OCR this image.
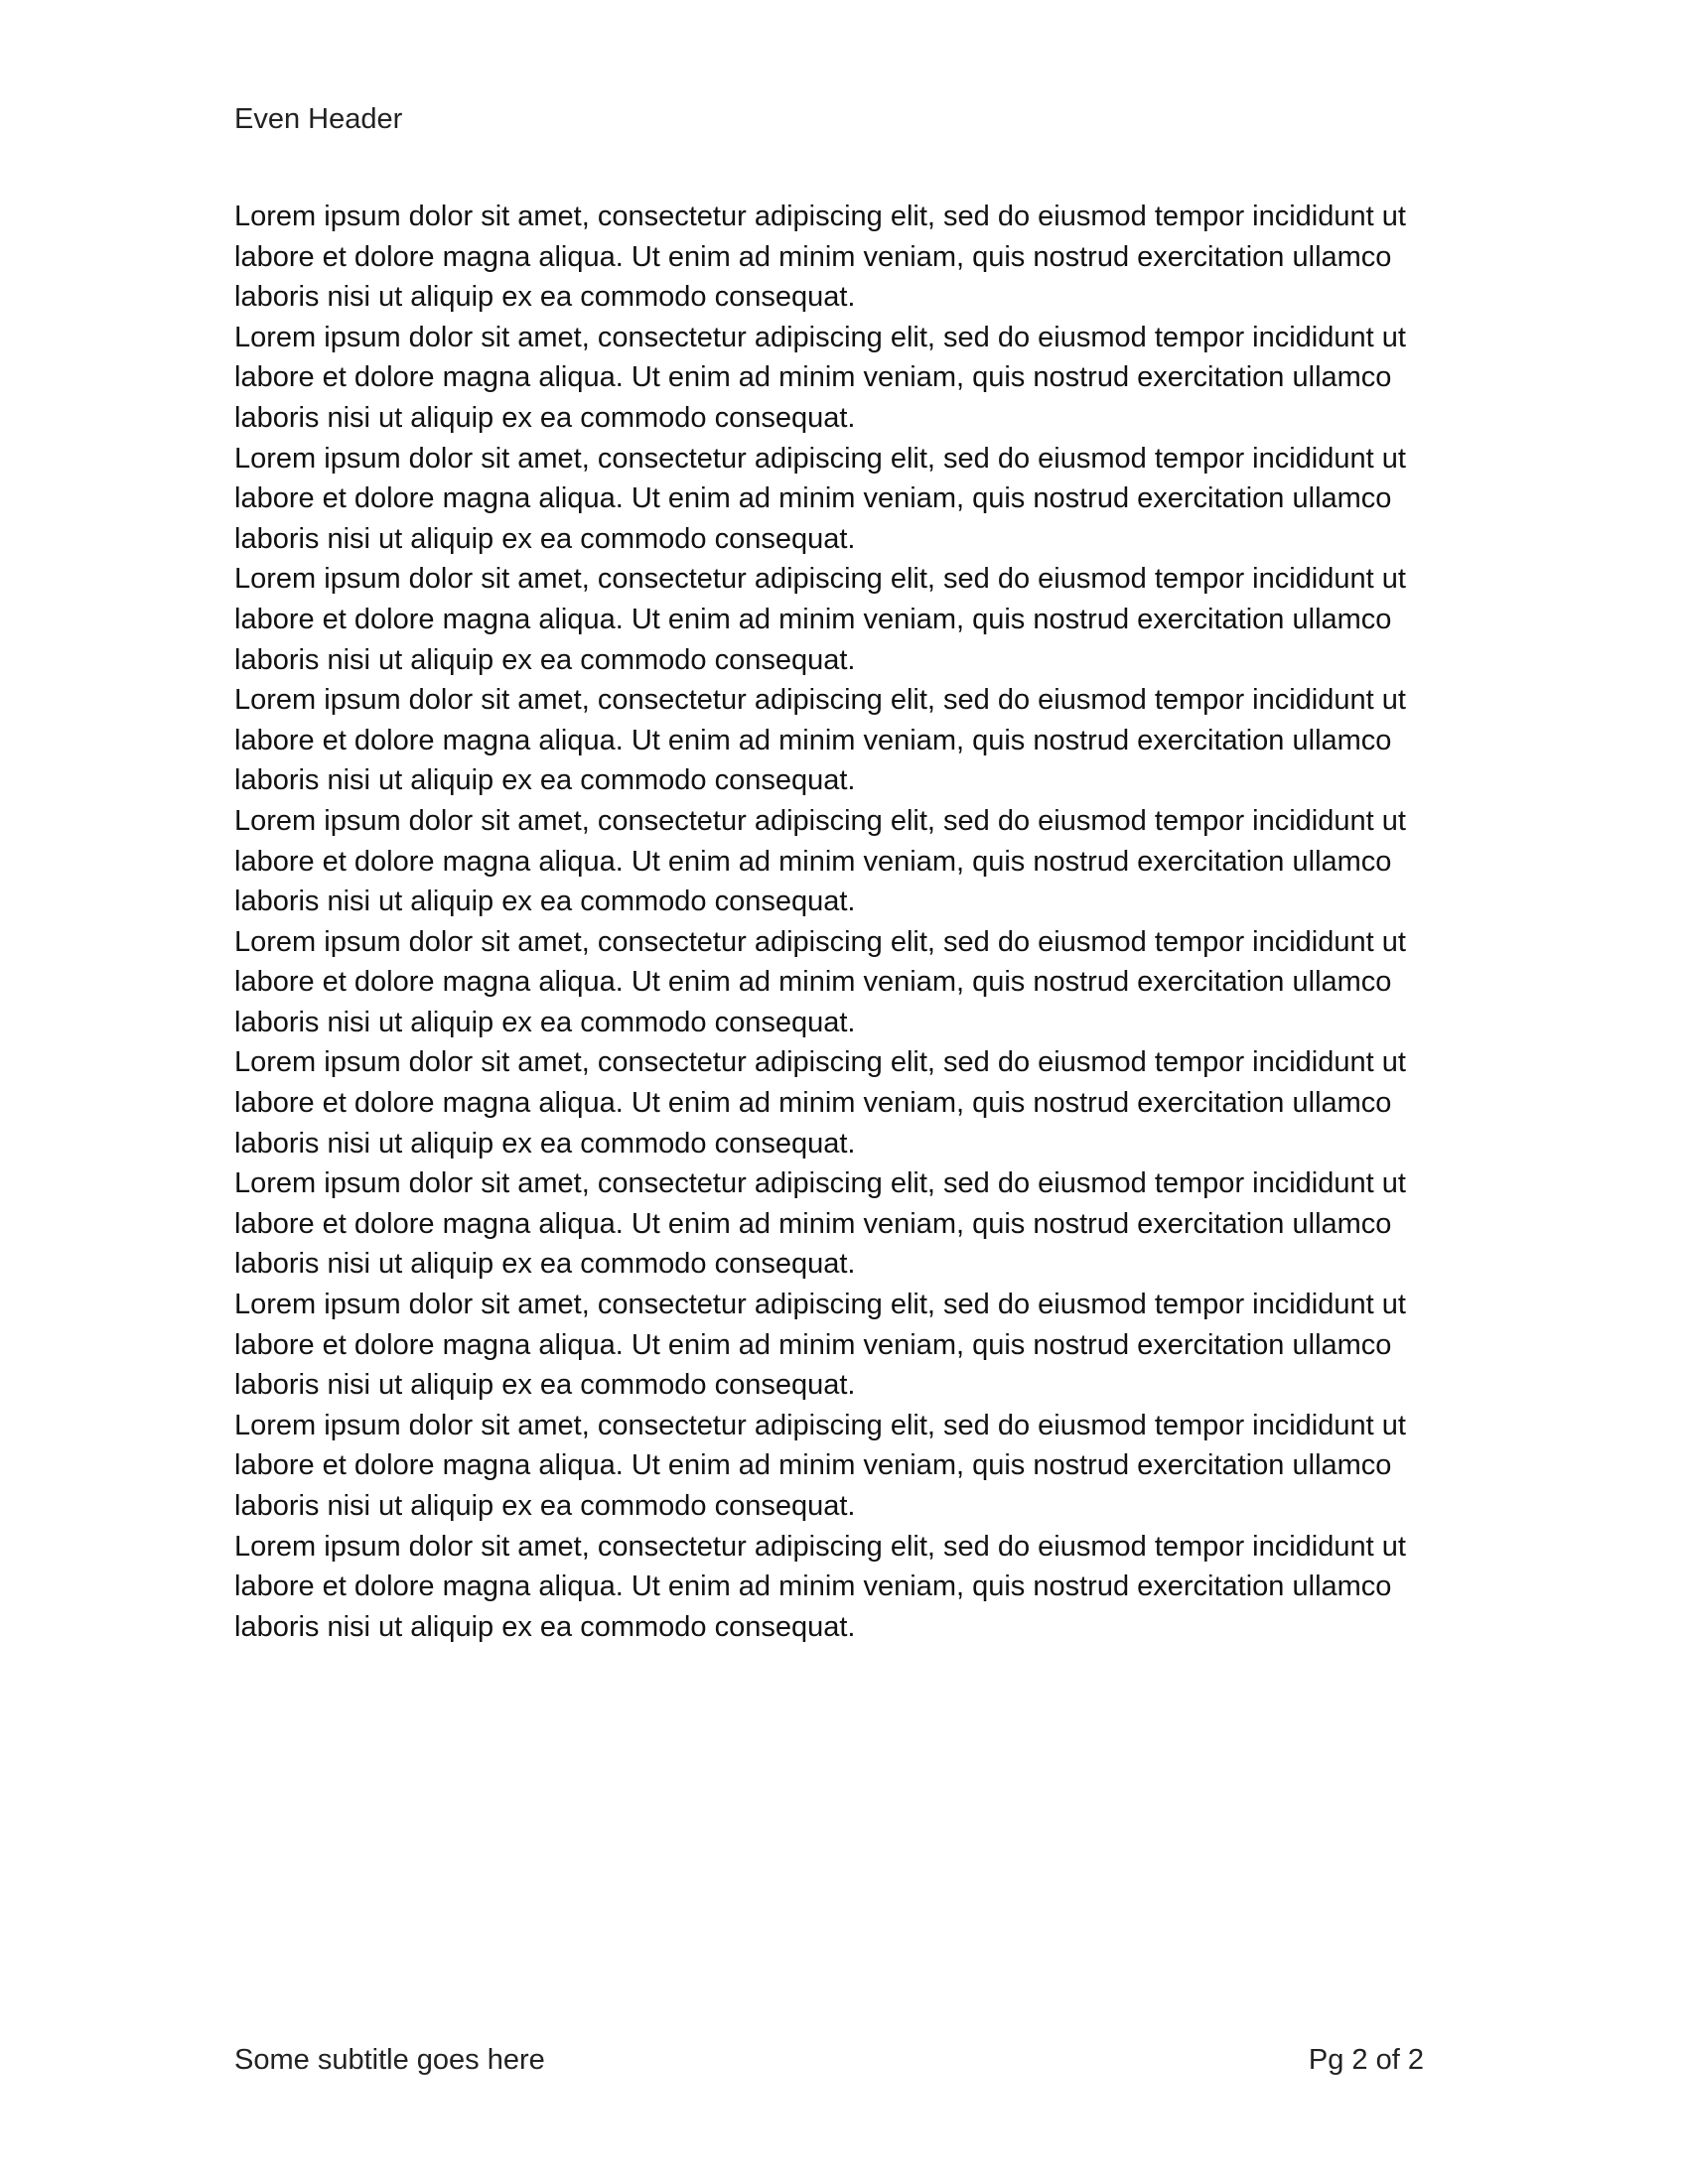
Even Header

Lorem ipsum dolor sit amet, consectetur adipiscing elit, sed do eiusmod tempor incididunt ut labore et dolore magna aliqua. Ut enim ad minim veniam, quis nostrud exercitation ullamco laboris nisi ut aliquip ex ea commodo consequat.

Lorem ipsum dolor sit amet, consectetur adipiscing elit, sed do eiusmod tempor incididunt ut labore et dolore magna aliqua. Ut enim ad minim veniam, quis nostrud exercitation ullamco laboris nisi ut aliquip ex ea commodo consequat.

Lorem ipsum dolor sit amet, consectetur adipiscing elit, sed do eiusmod tempor incididunt ut labore et dolore magna aliqua. Ut enim ad minim veniam, quis nostrud exercitation ullamco laboris nisi ut aliquip ex ea commodo consequat.

Lorem ipsum dolor sit amet, consectetur adipiscing elit, sed do eiusmod tempor incididunt ut labore et dolore magna aliqua. Ut enim ad minim veniam, quis nostrud exercitation ullamco laboris nisi ut aliquip ex ea commodo consequat.

Lorem ipsum dolor sit amet, consectetur adipiscing elit, sed do eiusmod tempor incididunt ut labore et dolore magna aliqua. Ut enim ad minim veniam, quis nostrud exercitation ullamco laboris nisi ut aliquip ex ea commodo consequat.

Lorem ipsum dolor sit amet, consectetur adipiscing elit, sed do eiusmod tempor incididunt ut labore et dolore magna aliqua. Ut enim ad minim veniam, quis nostrud exercitation ullamco laboris nisi ut aliquip ex ea commodo consequat.

Lorem ipsum dolor sit amet, consectetur adipiscing elit, sed do eiusmod tempor incididunt ut labore et dolore magna aliqua. Ut enim ad minim veniam, quis nostrud exercitation ullamco laboris nisi ut aliquip ex ea commodo consequat.

Lorem ipsum dolor sit amet, consectetur adipiscing elit, sed do eiusmod tempor incididunt ut labore et dolore magna aliqua. Ut enim ad minim veniam, quis nostrud exercitation ullamco laboris nisi ut aliquip ex ea commodo consequat.

Lorem ipsum dolor sit amet, consectetur adipiscing elit, sed do eiusmod tempor incididunt ut labore et dolore magna aliqua. Ut enim ad minim veniam, quis nostrud exercitation ullamco laboris nisi ut aliquip ex ea commodo consequat.

Lorem ipsum dolor sit amet, consectetur adipiscing elit, sed do eiusmod tempor incididunt ut labore et dolore magna aliqua. Ut enim ad minim veniam, quis nostrud exercitation ullamco laboris nisi ut aliquip ex ea commodo consequat.

Lorem ipsum dolor sit amet, consectetur adipiscing elit, sed do eiusmod tempor incididunt ut labore et dolore magna aliqua. Ut enim ad minim veniam, quis nostrud exercitation ullamco laboris nisi ut aliquip ex ea commodo consequat.

Lorem ipsum dolor sit amet, consectetur adipiscing elit, sed do eiusmod tempor incididunt ut labore et dolore magna aliqua. Ut enim ad minim veniam, quis nostrud exercitation ullamco laboris nisi ut aliquip ex ea commodo consequat.

Some subtitle goes here	Pg 2 of 2
